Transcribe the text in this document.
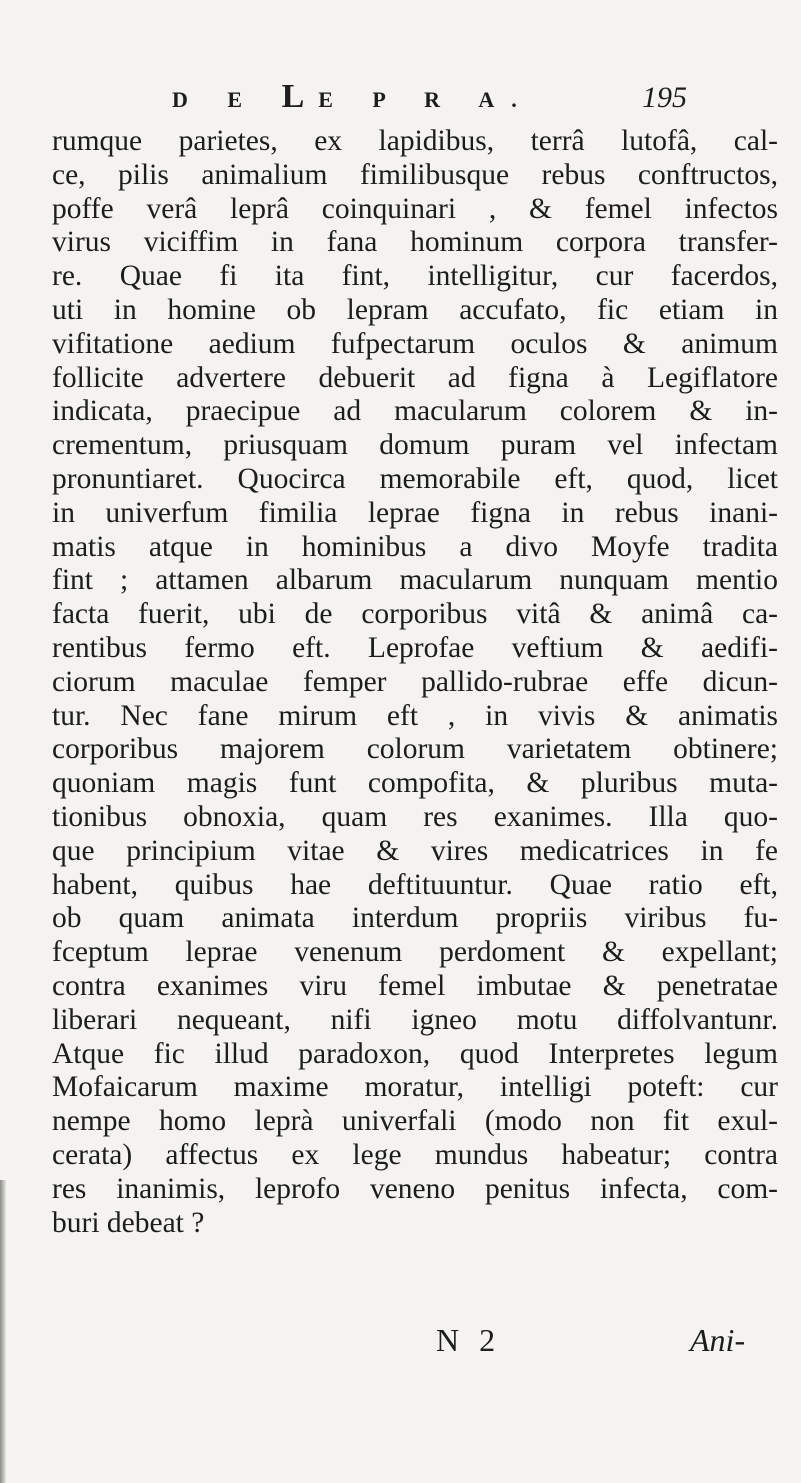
D E LE P R A.	195
rumque parietes, ex lapidibus, terrâ lutofâ, cal-
ce, pilis animalium fimilibusque rebus conftructos,
poffe verâ leprâ coinquinari , & femel infectos
virus viciffim in fana hominum corpora transfer-
re. Quae fi ita fint, intelligitur, cur facerdos,
uti in homine ob lepram accufato, fic etiam in
vifitatione aedium fufpectarum oculos & animum
follicite advertere debuerit ad figna à Legiflatore
indicata, praecipue ad macularum colorem & in-
crementum, priusquam domum puram vel infectam
pronuntiaret. Quocirca memorabile eft, quod, licet
in univerfum fimilia leprae figna in rebus inani-
matis atque in hominibus a divo Moyfe tradita
fint ; attamen albarum macularum nunquam mentio
facta fuerit, ubi de corporibus vitâ & animâ ca-
rentibus fermo eft. Leprofae veftium & aedifi-
ciorum maculae femper pallido-rubrae effe dicun-
tur. Nec fane mirum eft , in vivis & animatis
corporibus majorem colorum varietatem obtinere;
quoniam magis funt compofita, & pluribus muta-
tionibus obnoxia, quam res exanimes. Illa quo-
que principium vitae & vires medicatrices in fe
habent, quibus hae deftituuntur. Quae ratio eft,
ob quam animata interdum propriis viribus fu-
fceptum leprae venenum perdoment & expellant;
contra exanimes viru femel imbutae & penetratae
liberari nequeant, nifi igneo motu diffolvantunr.
Atque fic illud paradoxon, quod Interpretes legum
Mofaicarum maxime moratur, intelligi poteft: cur
nempe homo leprà univerfali (modo non fit exul-
cerata) affectus ex lege mundus habeatur; contra
res inanimis, leprofo veneno penitus infecta, com-
buri debeat ?
N 2	Ani-
